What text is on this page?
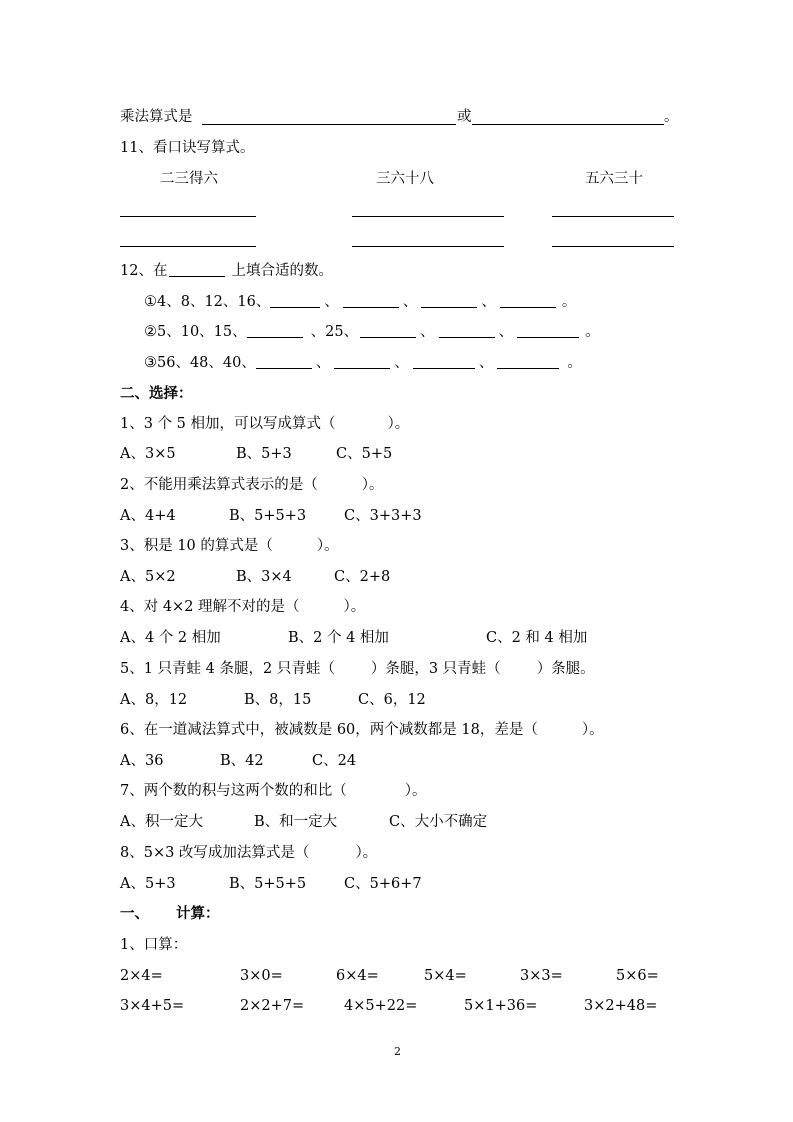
乘法算式是	或	。
11、看口诀写算式。
二三得六	三六十八	五六三十
12、在	上填合适的数。
①4、8、12、16、	、	、	、	。
②5、10、15、	、25、	、	、	。
③56、48、40、	、	、	、	。
二、选择：
1、3 个 5 相加，可以写成算式（	）。
A、3×5	B、5+3	C、5+5
2、不能用乘法算式表示的是（	）。
A、4+4	B、5+5+3	C、3+3+3
3、积是 10 的算式是（	）。
A、5×2	B、3×4	C、2+8
4、对 4×2 理解不对的是（	）。
A、4 个 2 相加	B、2 个 4 相加	C、2 和 4 相加
5、1 只青蛙 4 条腿，2 只青蛙（ ）条腿，3 只青蛙（ ）条腿。
A、8，12	B、8，15	C、6，12
6、在一道减法算式中，被减数是 60，两个减数都是 18，差是（	）。
A、36	B、42	C、24
7、两个数的积与这两个数的和比（	）。
A、积一定大	B、和一定大	C、大小不确定
8、5×3 改写成加法算式是（	）。
A、5+3	B、5+5+5	C、5+6+7
一、 计算：
1、口算：
2×4=	3×0=	6×4=	5×4=	3×3=	5×6=
3×4+5=	2×2+7=	4×5+22=	5×1+36=	3×2+48=
2
